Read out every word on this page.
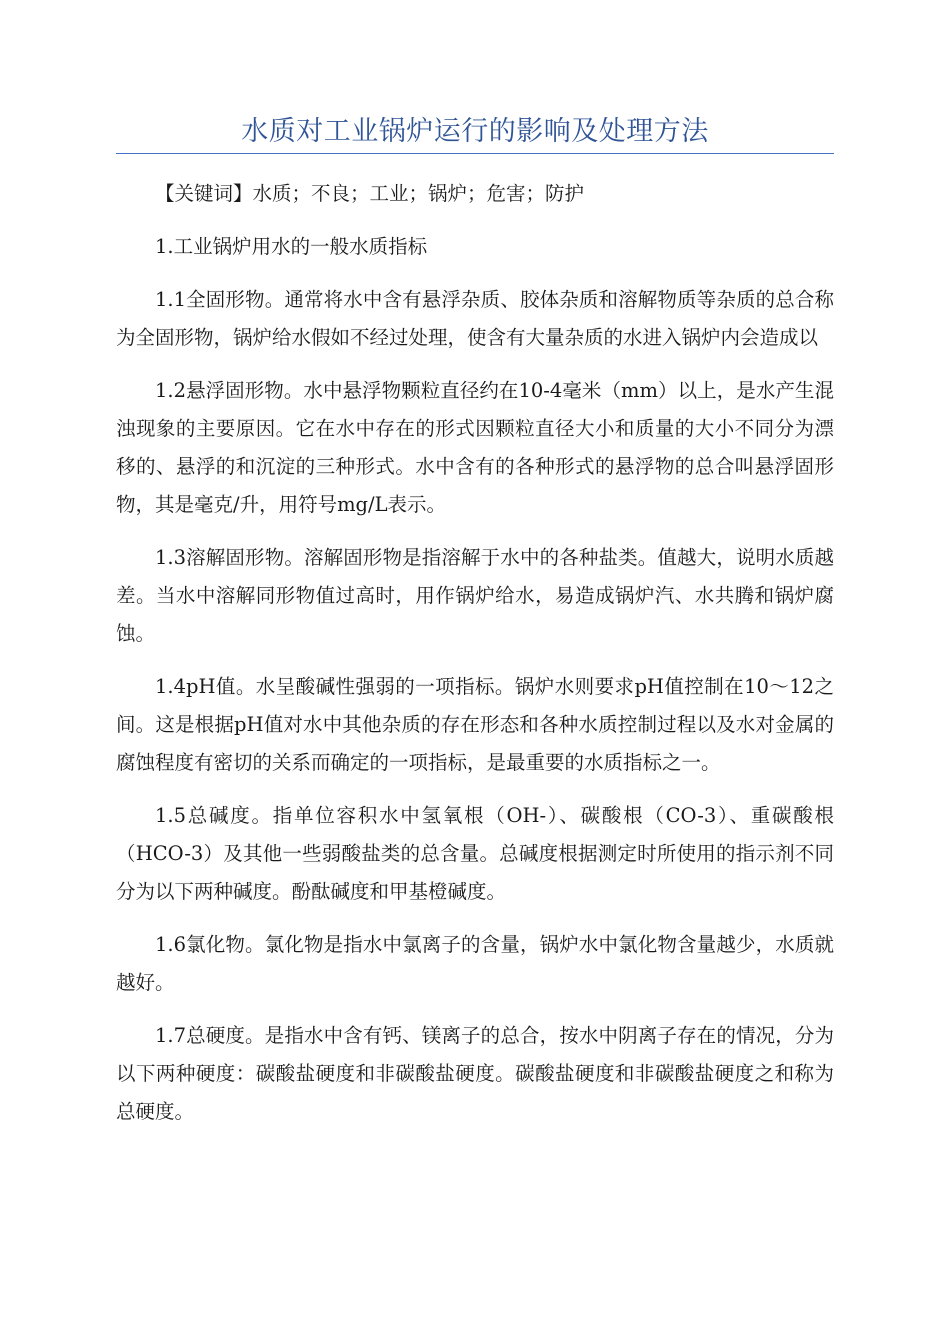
水质对工业锅炉运行的影响及处理方法

【关键词】水质；不良；工业；锅炉；危害；防护

1.工业锅炉用水的一般水质指标

1.1全固形物。通常将水中含有悬浮杂质、胶体杂质和溶解物质等杂质的总合称为全固形物，锅炉给水假如不经过处理，使含有大量杂质的水进入锅炉内会造成以

1.2悬浮固形物。水中悬浮物颗粒直径约在10-4毫米（mm）以上，是水产生混浊现象的主要原因。它在水中存在的形式因颗粒直径大小和质量的大小不同分为漂移的、悬浮的和沉淀的三种形式。水中含有的各种形式的悬浮物的总合叫悬浮固形物，其是毫克/升，用符号mg/L表示。

1.3溶解固形物。溶解固形物是指溶解于水中的各种盐类。值越大，说明水质越差。当水中溶解同形物值过高时，用作锅炉给水，易造成锅炉汽、水共腾和锅炉腐蚀。

1.4pH值。水呈酸碱性强弱的一项指标。锅炉水则要求pH值控制在10～12之间。这是根据pH值对水中其他杂质的存在形态和各种水质控制过程以及水对金属的腐蚀程度有密切的关系而确定的一项指标，是最重要的水质指标之一。

1.5总碱度。指单位容积水中氢氧根（OH-）、碳酸根（CO-3）、重碳酸根（HCO-3）及其他一些弱酸盐类的总含量。总碱度根据测定时所使用的指示剂不同分为以下两种碱度。酚酞碱度和甲基橙碱度。

1.6氯化物。氯化物是指水中氯离子的含量，锅炉水中氯化物含量越少，水质就越好。

1.7总硬度。是指水中含有钙、镁离子的总合，按水中阴离子存在的情况，分为以下两种硬度：碳酸盐硬度和非碳酸盐硬度。碳酸盐硬度和非碳酸盐硬度之和称为总硬度。
